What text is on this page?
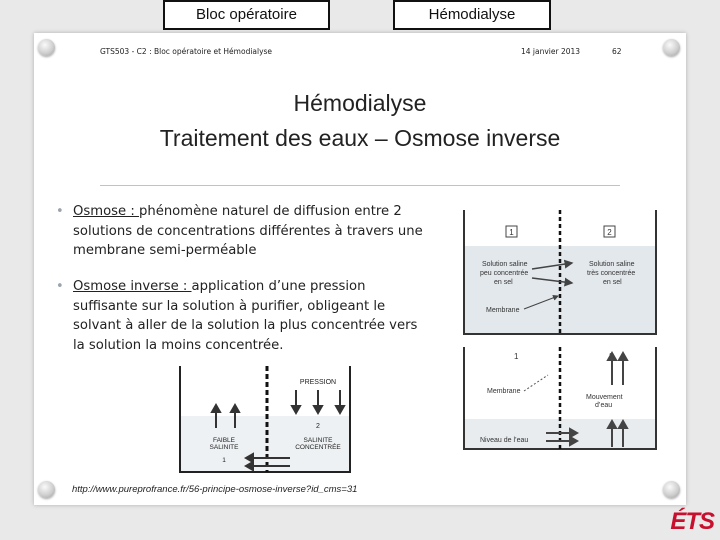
Bloc opératoire	Hémodialyse
GTS503 - C2 : Bloc opératoire et Hémodialyse	14 janvier 2013	62
Hémodialyse
Traitement des eaux – Osmose inverse
• Osmose : phénomène naturel de diffusion entre 2 solutions de concentrations différentes à travers une membrane semi-perméable
• Osmose inverse : application d’une pression suffisante sur la solution à purifier, obligeant le solvant à aller de la solution la plus concentrée vers la solution la moins concentrée.
1	2
Solution saline
peu concentrée
en sel
Solution saline
très concentrée
en sel
Membrane
1
Membrane
Mouvement
d’eau
Niveau de l’eau
PRESSION
2
FAIBLE
SALINITE
SALINITE
CONCENTRÉE
1
http://www.pureprofrance.fr/56-principe-osmose-inverse?id_cms=31
ÉTS
